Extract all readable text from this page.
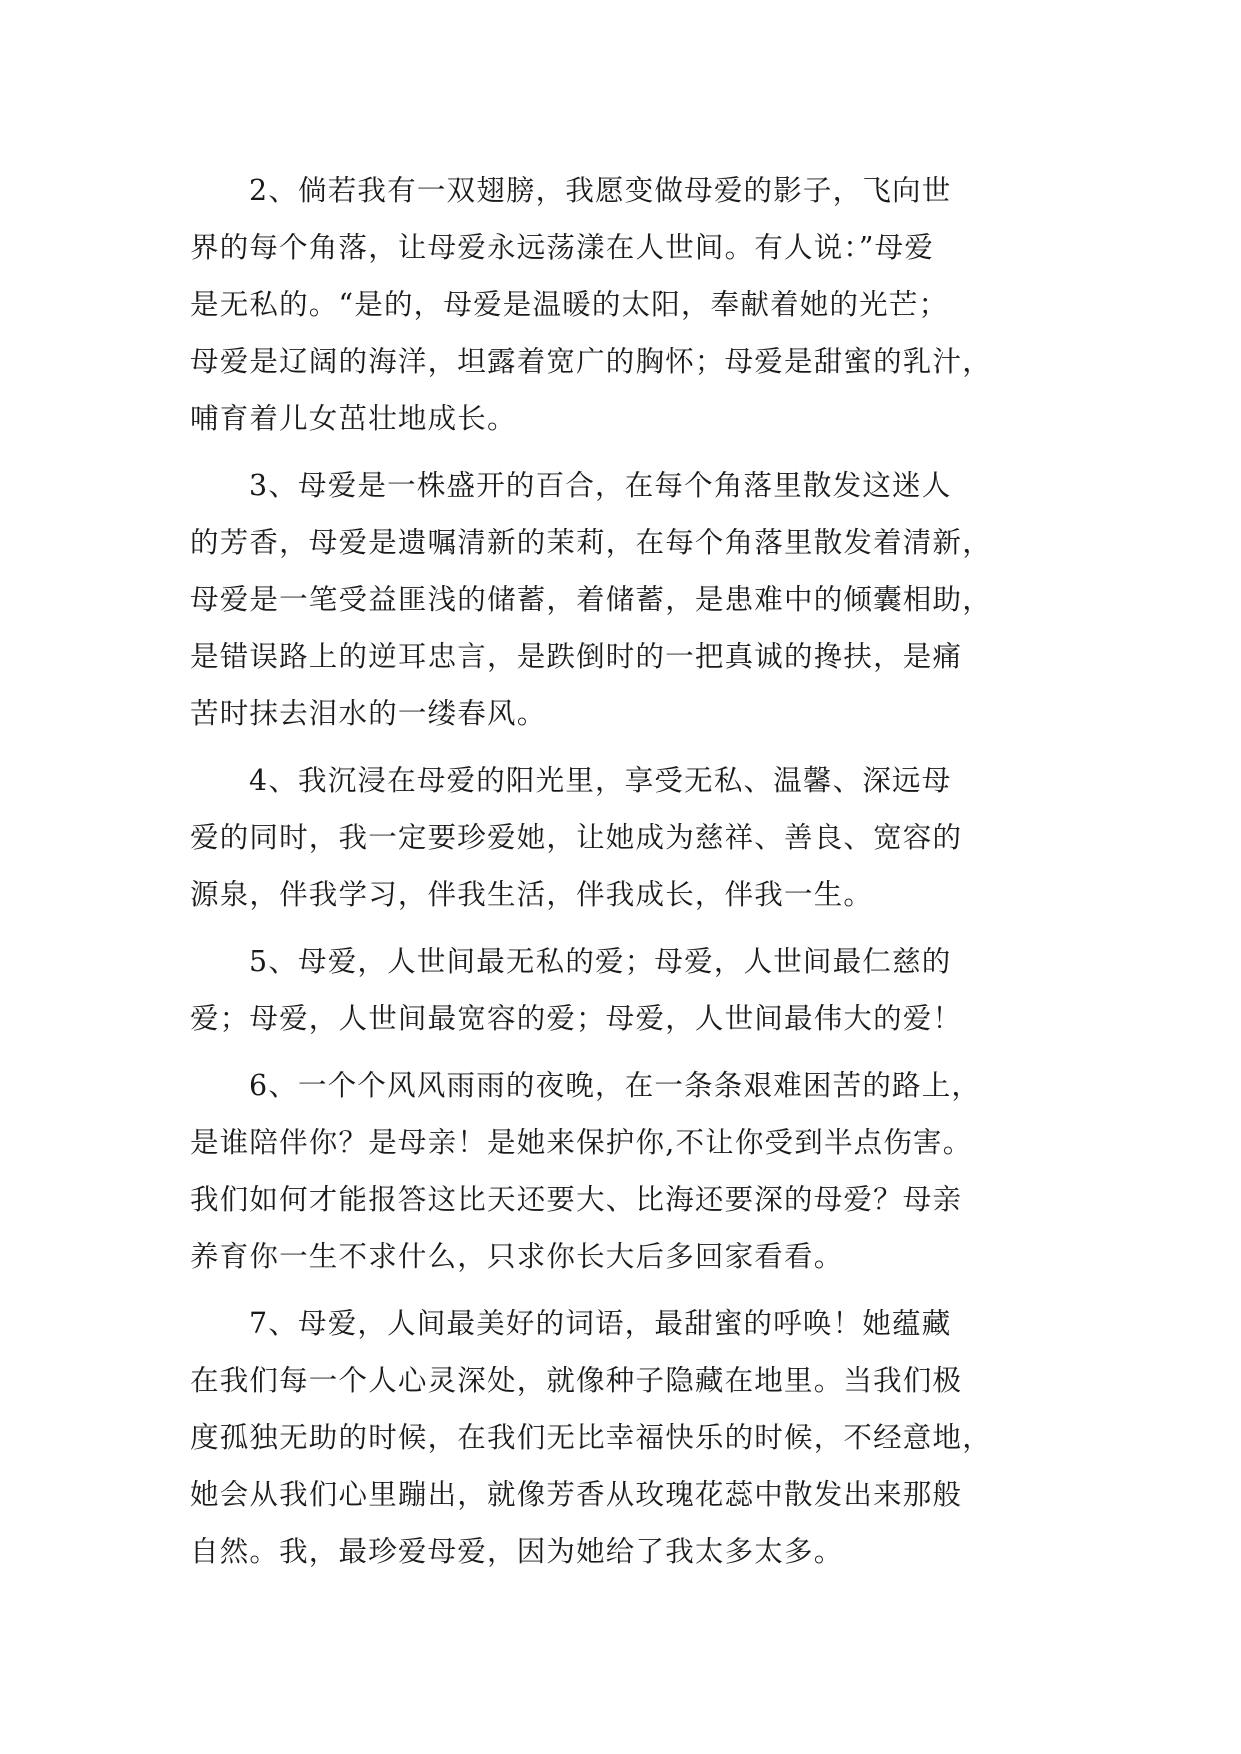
2、倘若我有一双翅膀，我愿变做母爱的影子，飞向世
界的每个角落，让母爱永远荡漾在人世间。有人说：”母爱
是无私的。“是的，母爱是温暖的太阳，奉献着她的光芒；
母爱是辽阔的海洋，坦露着宽广的胸怀；母爱是甜蜜的乳汁，
哺育着儿女茁壮地成长。
3、母爱是一株盛开的百合，在每个角落里散发这迷人
的芳香，母爱是遗嘱清新的茉莉，在每个角落里散发着清新，
母爱是一笔受益匪浅的储蓄，着储蓄，是患难中的倾囊相助，
是错误路上的逆耳忠言，是跌倒时的一把真诚的搀扶，是痛
苦时抹去泪水的一缕春风。
4、我沉浸在母爱的阳光里，享受无私、温馨、深远母
爱的同时，我一定要珍爱她，让她成为慈祥、善良、宽容的
源泉，伴我学习，伴我生活，伴我成长，伴我一生。
5、母爱，人世间最无私的爱；母爱，人世间最仁慈的
爱；母爱，人世间最宽容的爱；母爱，人世间最伟大的爱！
6、一个个风风雨雨的夜晚，在一条条艰难困苦的路上，
是谁陪伴你？是母亲！是她来保护你,不让你受到半点伤害。
我们如何才能报答这比天还要大、比海还要深的母爱？母亲
养育你一生不求什么，只求你长大后多回家看看。
7、母爱，人间最美好的词语，最甜蜜的呼唤！她蕴藏
在我们每一个人心灵深处，就像种子隐藏在地里。当我们极
度孤独无助的时候，在我们无比幸福快乐的时候，不经意地，
她会从我们心里蹦出，就像芳香从玫瑰花蕊中散发出来那般
自然。我，最珍爱母爱，因为她给了我太多太多。
